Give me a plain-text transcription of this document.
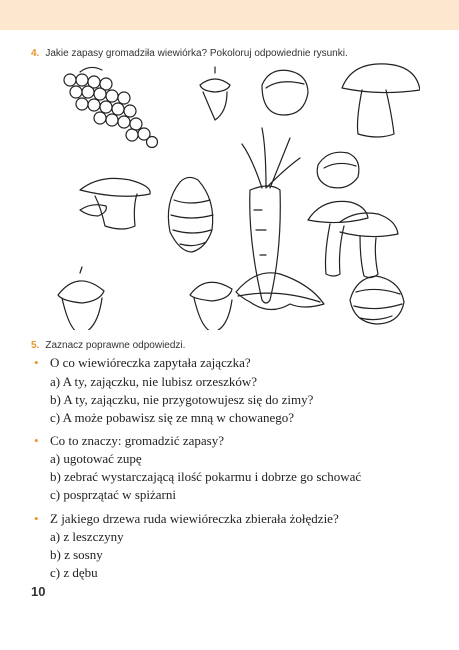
4. Jakie zapasy gromadziła wiewiórka? Pokoloruj odpowiednie rysunki.
5. Zaznacz poprawne odpowiedzi.
• O co wiewióreczka zapytała zajączka?
a) A ty, zajączku, nie lubisz orzeszków?
b) A ty, zajączku, nie przygotowujesz się do zimy?
c) A może pobawisz się ze mną w chowanego?
• Co to znaczy: gromadzić zapasy?
a) ugotować zupę
b) zebrać wystarczającą ilość pokarmu i dobrze go schować
c) posprzątać w spiżarni
• Z jakiego drzewa ruda wiewióreczka zbierała żołędzie?
a) z leszczyny
b) z sosny
c) z dębu
10
